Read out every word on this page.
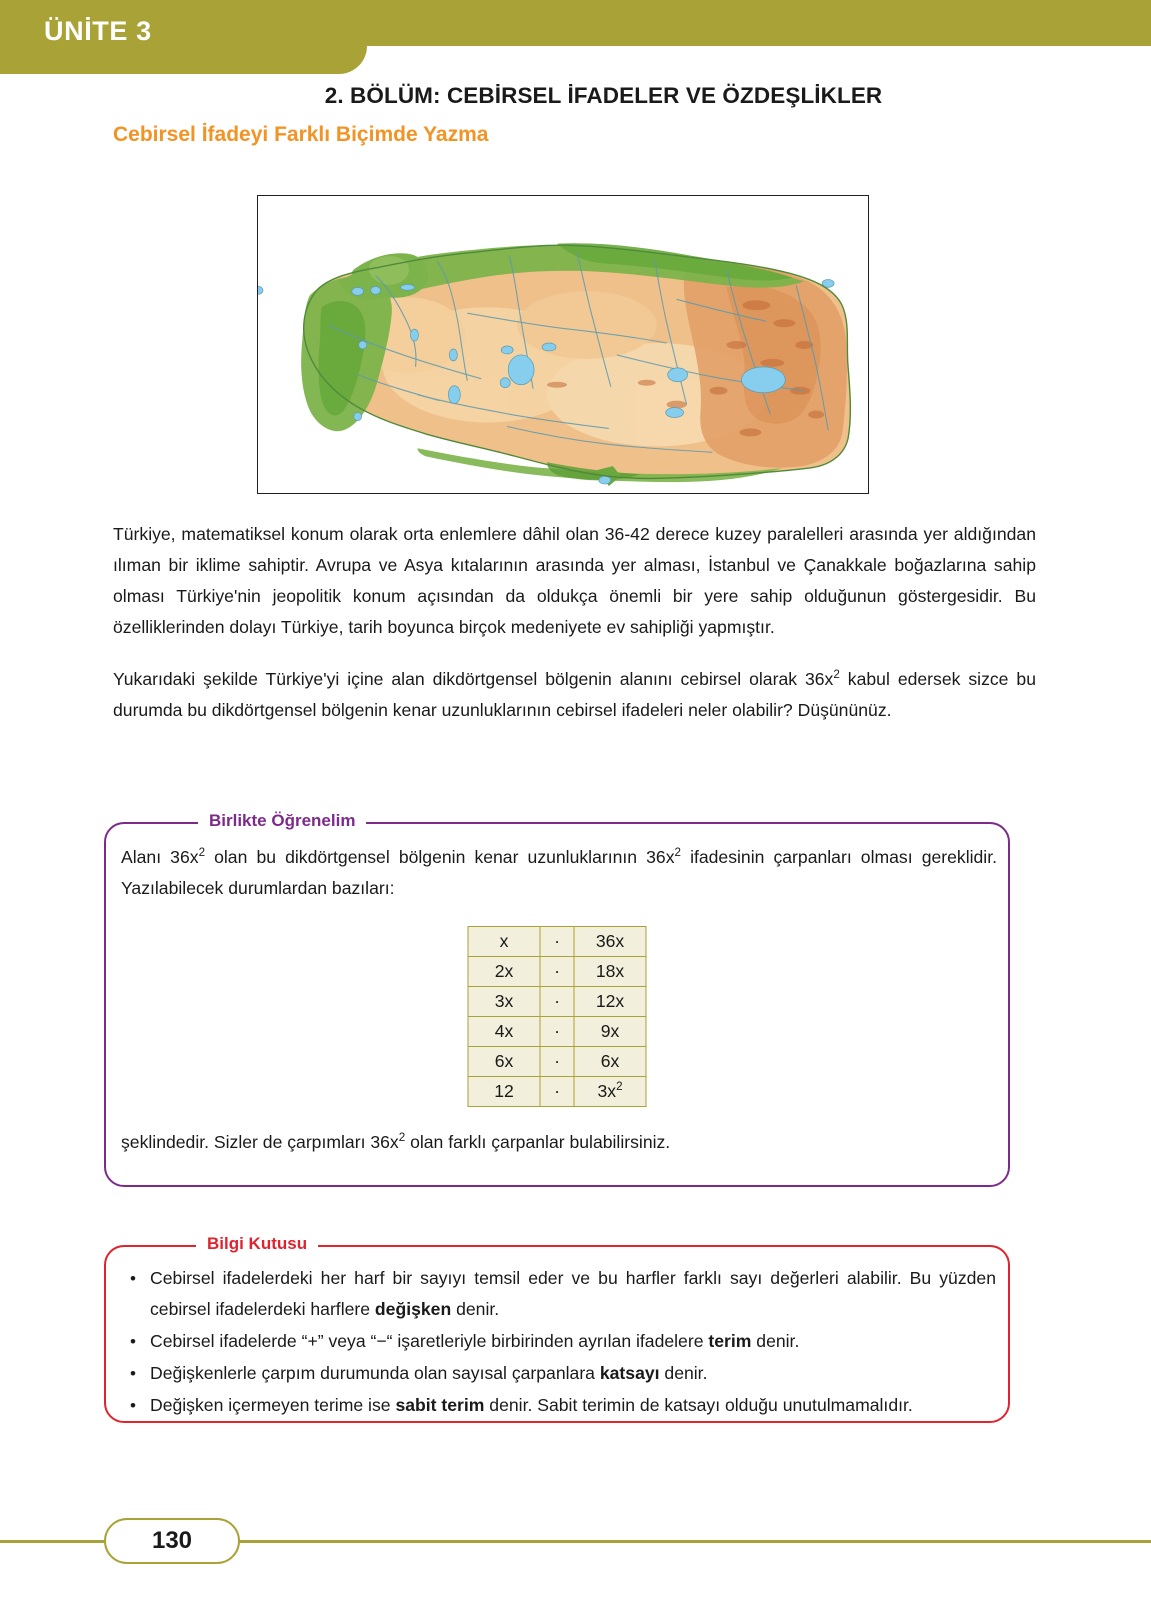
ÜNİTE 3
2. BÖLÜM: CEBİRSEL İFADELER VE ÖZDEŞLİKLER
Cebirsel İfadeyi Farklı Biçimde Yazma

Türkiye, matematiksel konum olarak orta enlemlere dâhil olan 36-42 derece kuzey paralelleri arasında yer aldığından ılıman bir iklime sahiptir. Avrupa ve Asya kıtalarının arasında yer alması, İstanbul ve Çanakkale boğazlarına sahip olması Türkiye'nin jeopolitik konum açısından da oldukça önemli bir yere sahip olduğunun göstergesidir. Bu özelliklerinden dolayı Türkiye, tarih boyunca birçok medeniyete ev sahipliği yapmıştır.

Yukarıdaki şekilde Türkiye'yi içine alan dikdörtgensel bölgenin alanını cebirsel olarak $36x^2$ kabul edersek sizce bu durumda bu dikdörtgensel bölgenin kenar uzunluklarının cebirsel ifadeleri neler olabilir? Düşününüz.

Birlikte Öğrenelim

Alanı $36x^2$ olan bu dikdörtgensel bölgenin kenar uzunluklarının $36x^2$ ifadesinin çarpanları olması gereklidir. Yazılabilecek durumlardan bazıları:

x	·	36x
2x	·	18x
3x	·	12x
4x	·	9x
6x	·	6x
12	·	$3x^2$

şeklindedir. Sizler de çarpımları $36x^2$ olan farklı çarpanlar bulabilirsiniz.

Bilgi Kutusu
• Cebirsel ifadelerdeki her harf bir sayıyı temsil eder ve bu harfler farklı sayı değerleri alabilir. Bu yüzden cebirsel ifadelerdeki harflere değişken denir.
• Cebirsel ifadelerde “+” veya “−“ işaretleriyle birbirinden ayrılan ifadelere terim denir.
• Değişkenlerle çarpım durumunda olan sayısal çarpanlara katsayı denir.
• Değişken içermeyen terime ise sabit terim denir. Sabit terimin de katsayı olduğu unutulmamalıdır.
130
